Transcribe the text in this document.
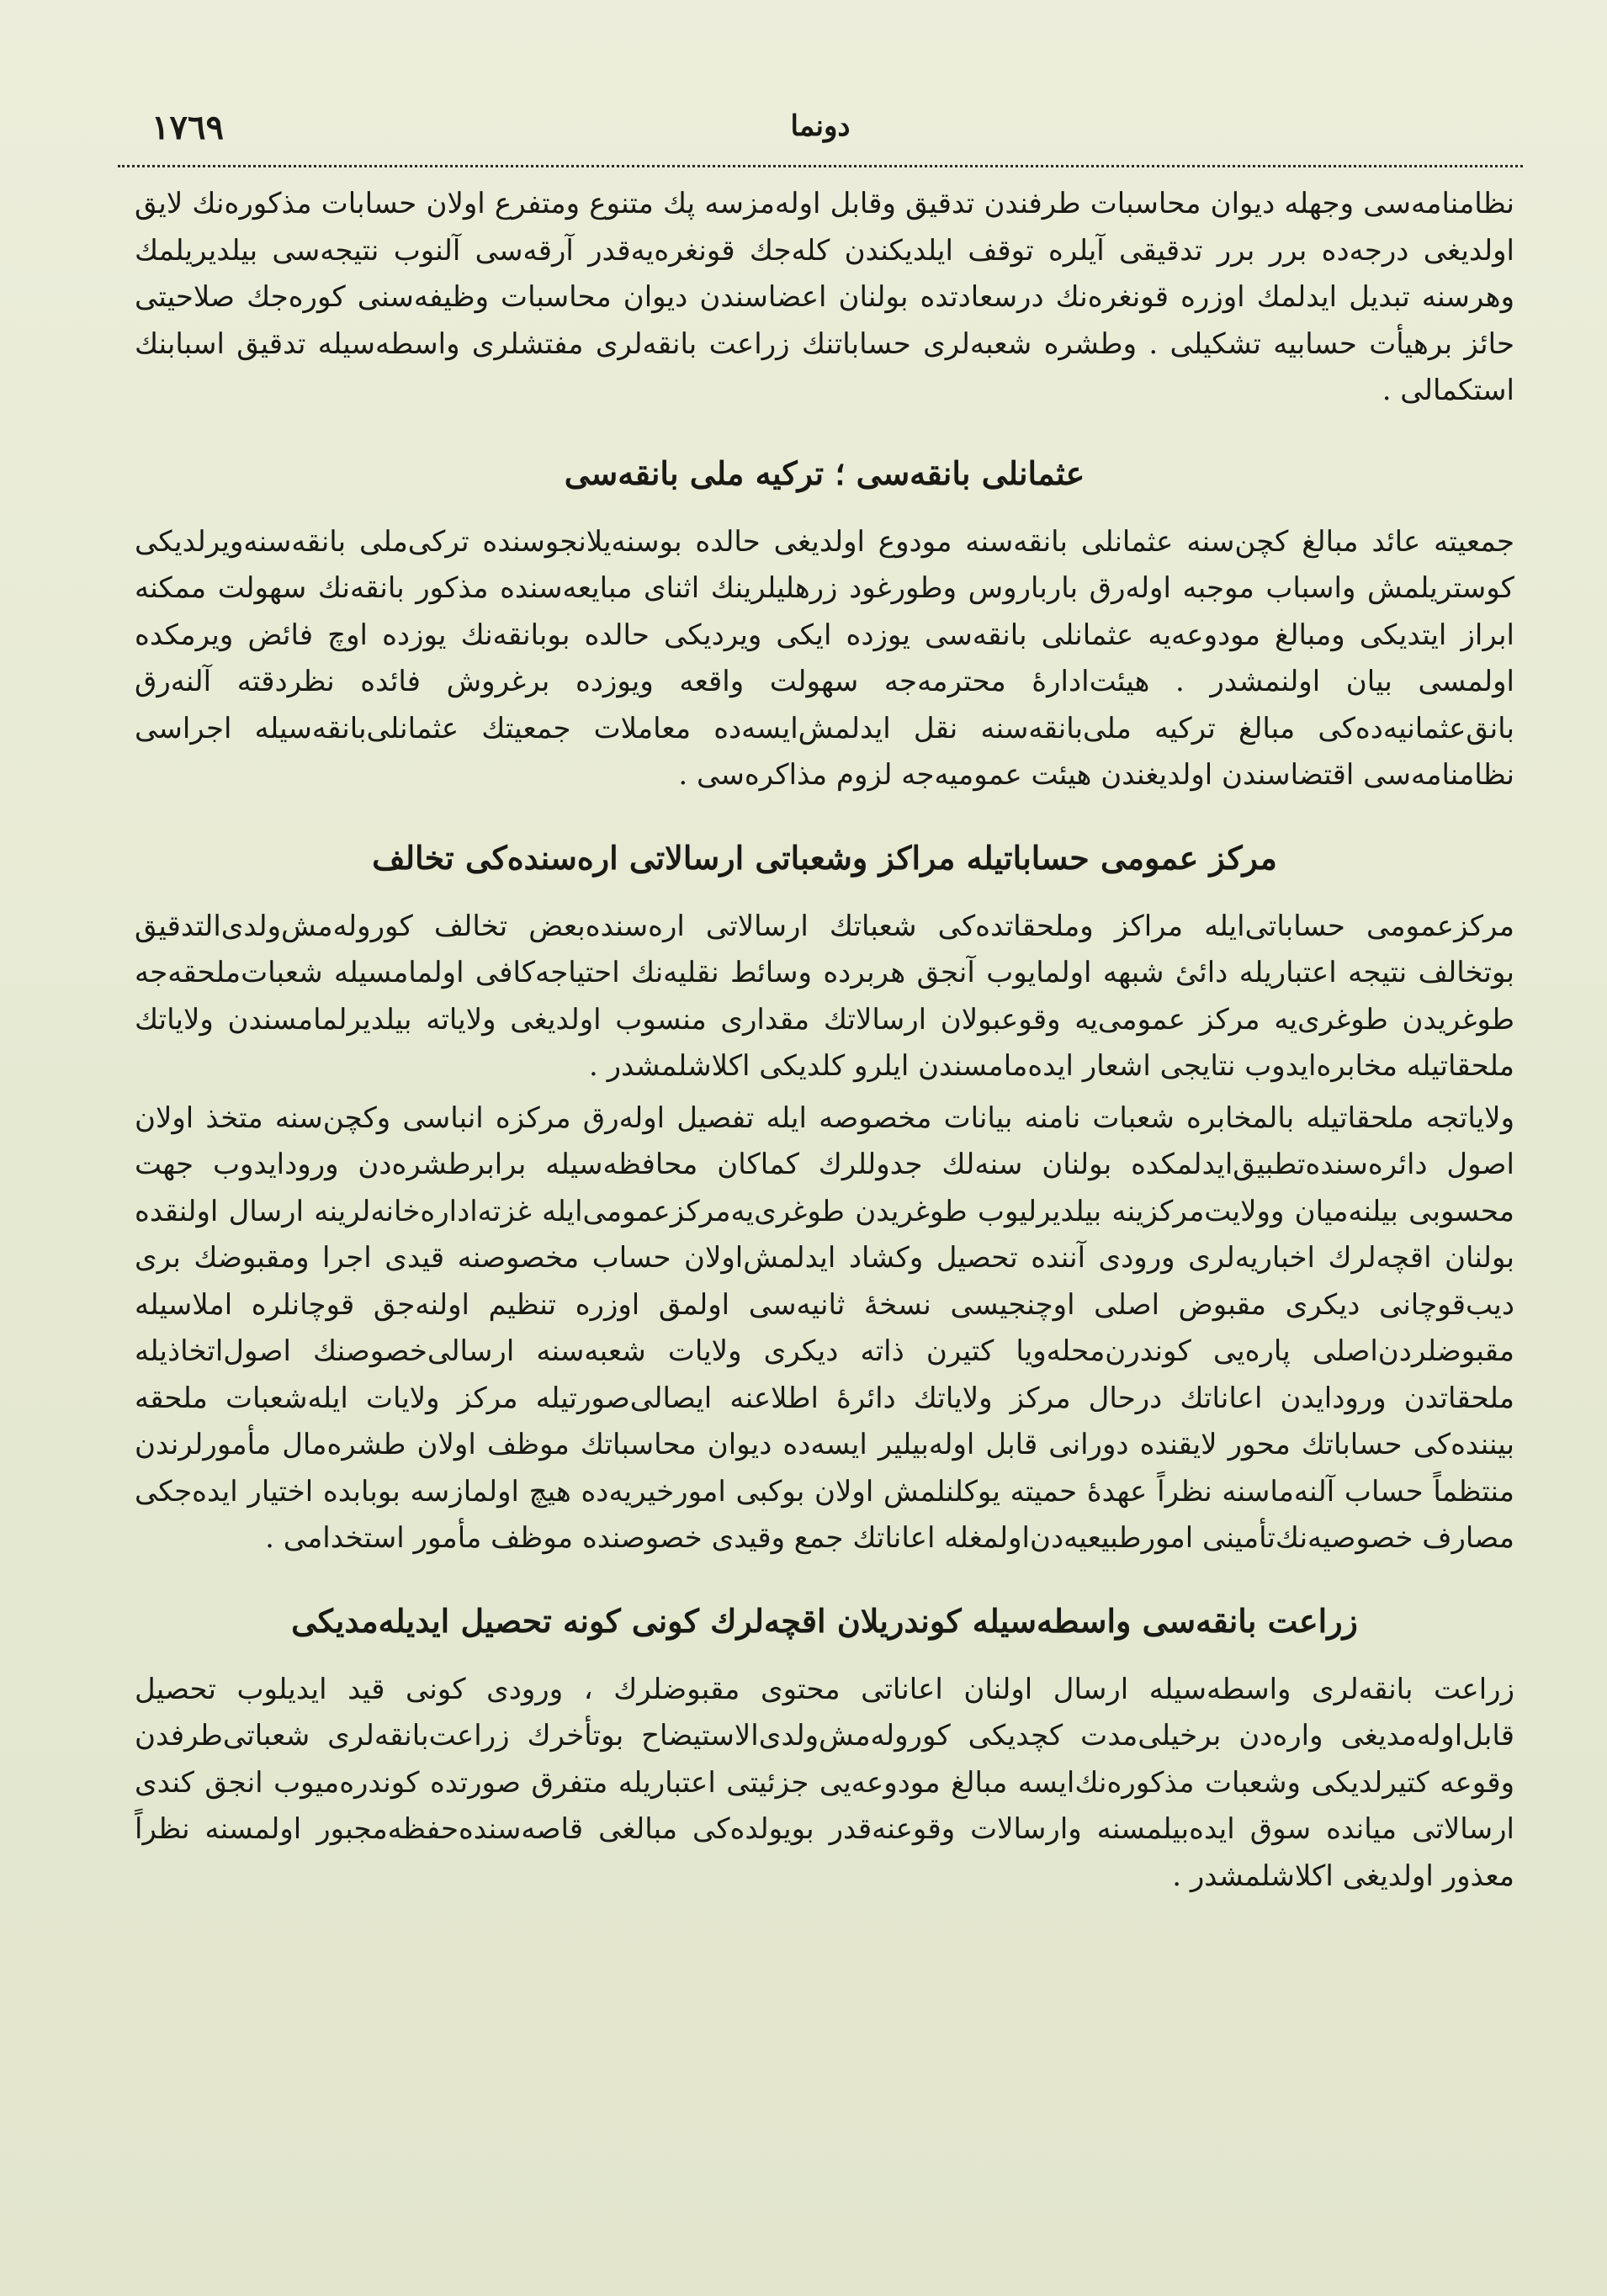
دونما
١٧٦٩

نظامنامه‌سی وجهله دیوان محاسبات طرفندن تدقیق وقابل اوله‌مزسه پك متنوع ومتفرع اولان حسابات مذکوره‌نك لایق اولدیغی درجه‌ده برر برر تدقیقی آیلره توقف ایلدیکندن کله‌جك قونغره‌یه‌قدر آرقه‌سی آلنوب نتیجه‌سی بیلدیریلمك وهرسنه تبدیل ایدلمك اوزره قونغره‌نك درسعادتده بولنان اعضاسندن دیوان محاسبات وظیفه‌سنی کوره‌جك صلاحیتی حائز برهیأت حسابیه تشکیلی . وطشره شعبه‌لری حساباتنك زراعت بانقه‌لری مفتشلری واسطه‌سیله تدقیق اسبابنك استکمالی .

عثمانلی بانقه‌سی ؛ ترکیه ملی بانقه‌سی

جمعیته عائد مبالغ کچن‌سنه عثمانلی بانقه‌سنه مودوع اولدیغی حالده بوسنه‌یلانجوسنده ترکی‌ملی بانقه‌سنه‌ویرلدیکی کوستریلمش واسباب موجبه اوله‌رق بارباروس وطورغود زرهلیلرینك اثنای مبایعه‌سنده مذکور بانقه‌نك سهولت ممکنه ابراز ایتدیکی ومبالغ مودوعه‌یه عثمانلی بانقه‌سی یوزده ایکی ویردیکی حالده بوبانقه‌نك یوزده اوچ فائض ویرمکده اولمسی بیان اولنمشدر . هیئت‌ادارهٔ محترمه‌جه سهولت واقعه ویوزده برغروش فائده نظردقته آلنه‌رق بانق‌عثمانیه‌ده‌کی مبالغ ترکیه ملی‌بانقه‌سنه نقل ایدلمش‌ایسه‌ده معاملات جمعیتك عثمانلی‌بانقه‌سیله اجراسی نظامنامه‌سی اقتضاسندن اولدیغندن هیئت عمومیه‌جه لزوم مذاکره‌سی .

مرکز عمومی حساباتیله مراکز وشعباتی ارسالاتی اره‌سنده‌کی تخالف

مرکزعمومی حساباتی‌ایله مراکز وملحقاتده‌کی شعباتك ارسالاتی اره‌سنده‌بعض تخالف کوروله‌مش‌ولدی‌التدقیق بوتخالف نتیجه اعتباریله دائیٔ شبهه اولمایوب آنجق هربرده وسائط نقلیه‌نك احتیاجه‌کافی اولمامسیله شعبات‌ملحقه‌جه طوغریدن طوغری‌یه مرکز عمومی‌یه وقوعبولان ارسالاتك مقداری منسوب اولدیغی ولایاته بیلدیرلمامسندن ولایاتك ملحقاتیله مخابره‌ایدوب نتایجی اشعار ایده‌مامسندن ایلرو کلدیکی اکلاشلمشدر .

ولایاتجه ملحقاتیله بالمخابره شعبات نامنه بیانات مخصوصه ایله تفصیل اوله‌رق مرکزه انباسی وکچن‌سنه متخذ اولان اصول دائره‌سنده‌تطبیق‌ایدلمکده بولنان سنه‌لك جدوللرك کماکان محافظه‌سیله برابرطشره‌دن ورودایدوب جهت محسوبی بیلنه‌میان وولایت‌مرکزینه بیلدیرلیوب طوغریدن طوغری‌یه‌مرکزعمومی‌ایله غزته‌اداره‌خانه‌لرینه ارسال اولنقده بولنان اقچه‌لرك اخباریه‌لری ورودی آننده تحصیل وکشاد ایدلمش‌اولان حساب مخصوصنه قیدی اجرا ومقبوضك بری دیب‌قوچانی دیکری مقبوض اصلی اوچنجیسی نسخهٔ ثانیه‌سی اولمق اوزره تنظیم اولنه‌جق قوچانلره املاسیله مقبوضلردن‌اصلی پاره‌یی کوندرن‌محله‌ویا کتیرن ذاته دیکری ولایات شعبه‌سنه ارسالی‌خصوصنك اصول‌اتخاذیله ملحقاتدن ورودایدن اعاناتك درحال مرکز ولایاتك دائرهٔ اطلاعنه ایصالی‌صورتیله مرکز ولایات ایله‌شعبات ملحقه بیننده‌کی حساباتك محور لایقنده دورانی قابل اوله‌بیلیر ایسه‌ده دیوان محاسباتك موظف اولان طشره‌مال مأمورلرندن منتظماً حساب آلنه‌ماسنه نظراً عهدهٔ حمیته یوکلنلمش اولان بوکبی امورخیریه‌ده هیچ اولمازسه بوبابده اختیار ایده‌جکی مصارف خصوصیه‌نك‌تأمینی امورطبیعیه‌دن‌اولمغله اعاناتك جمع وقیدی خصوصنده موظف مأمور استخدامی .

زراعت بانقه‌سی واسطه‌سیله کوندریلان اقچه‌لرك کونی کونه تحصیل ایدیله‌مدیکی

زراعت بانقه‌لری واسطه‌سیله ارسال اولنان اعاناتی محتوی مقبوضلرك ، ورودی کونی قید ایدیلوب تحصیل قابل‌اوله‌مدیغی واره‌دن برخیلی‌مدت کچدیکی کوروله‌مش‌ولدی‌الاستیضاح بوتأخرك زراعت‌بانقه‌لری شعباتی‌طرفدن وقوعه کتیرلدیکی وشعبات مذکوره‌نك‌ایسه مبالغ مودوعه‌یی جزئیتی اعتباریله متفرق صورتده کوندره‌میوب انجق کندی ارسالاتی میانده سوق ایده‌بیلمسنه وارسالات وقوعنه‌قدر بویولده‌کی مبالغی قاصه‌سنده‌حفظه‌مجبور اولمسنه نظراً معذور اولدیغی اکلاشلمشدر .
